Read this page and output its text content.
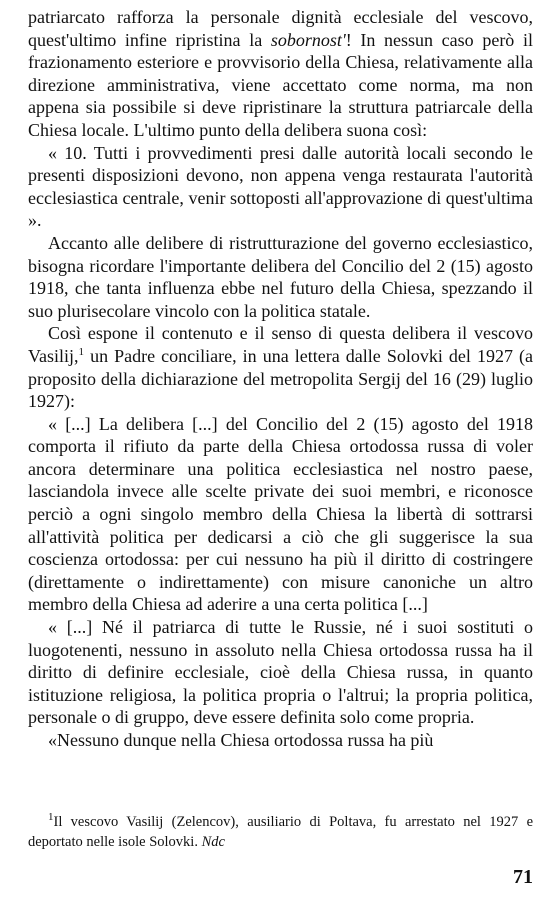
patriarcato rafforza la personale dignità ecclesiale del vescovo, quest'ultimo infine ripristina la sobornost'! In nessun caso però il frazionamento esteriore e provvisorio della Chiesa, relativamente alla direzione amministrativa, viene accettato come norma, ma non appena sia possibile si deve ripristinare la struttura patriarcale della Chiesa locale. L'ultimo punto della delibera suona così:

« 10. Tutti i provvedimenti presi dalle autorità locali secondo le presenti disposizioni devono, non appena venga restaurata l'autorità ecclesiastica centrale, venir sottoposti all'approvazione di quest'ultima ».

Accanto alle delibere di ristrutturazione del governo ecclesiastico, bisogna ricordare l'importante delibera del Concilio del 2 (15) agosto 1918, che tanta influenza ebbe nel futuro della Chiesa, spezzando il suo plurisecolare vincolo con la politica statale.

Così espone il contenuto e il senso di questa delibera il vescovo Vasilij,$^1$ un Padre conciliare, in una lettera dalle Solovki del 1927 (a proposito della dichiarazione del metropolita Sergij del 16 (29) luglio 1927):

« [...] La delibera [...] del Concilio del 2 (15) agosto del 1918 comporta il rifiuto da parte della Chiesa ortodossa russa di voler ancora determinare una politica ecclesiastica nel nostro paese, lasciandola invece alle scelte private dei suoi membri, e riconosce perciò a ogni singolo membro della Chiesa la libertà di sottrarsi all'attività politica per dedicarsi a ciò che gli suggerisce la sua coscienza ortodossa: per cui nessuno ha più il diritto di costringere (direttamente o indirettamente) con misure canoniche un altro membro della Chiesa ad aderire a una certa politica [...]

« [...] Né il patriarca di tutte le Russie, né i suoi sostituti o luogotenenti, nessuno in assoluto nella Chiesa ortodossa russa ha il diritto di definire ecclesiale, cioè della Chiesa russa, in quanto istituzione religiosa, la politica propria o l'altrui; la propria politica, personale o di gruppo, deve essere definita solo come propria.

«Nessuno dunque nella Chiesa ortodossa russa ha più

$^1$Il vescovo Vasilij (Zelencov), ausiliario di Poltava, fu arrestato nel 1927 e deportato nelle isole Solovki. Ndc

71
